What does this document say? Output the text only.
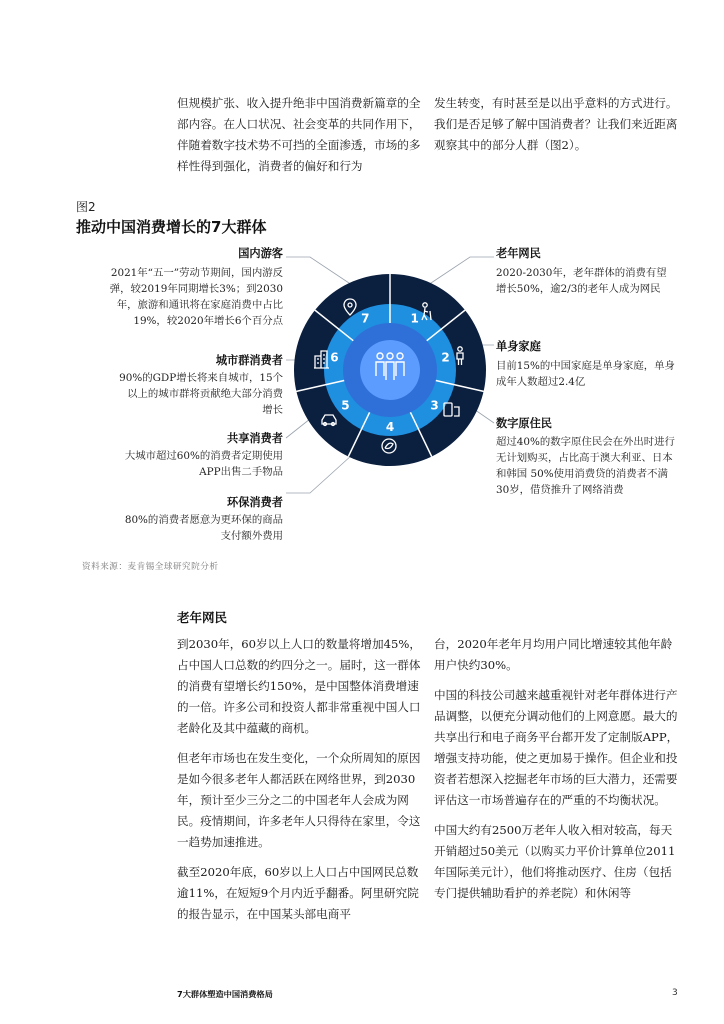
但规模扩张、收入提升绝非中国消费新篇章的全部内容。在人口状况、社会变革的共同作用下，伴随着数字技术势不可挡的全面渗透，市场的多样性得到强化，消费者的偏好和行为
发生转变，有时甚至是以出乎意料的方式进行。我们是否足够了解中国消费者？让我们来近距离观察其中的部分人群（图2）。
图2
推动中国消费增长的7大群体
国内游客
2021年“五一”劳动节期间，国内游反弹，较2019年同期增长3%；到2030年，旅游和通讯将在家庭消费中占比19%，较2020年增长6个百分点
城市群消费者
90%的GDP增长将来自城市，15个以上的城市群将贡献绝大部分消费增长
共享消费者
大城市超过60%的消费者定期使用APP出售二手物品
环保消费者
80%的消费者愿意为更环保的商品支付额外费用
老年网民
2020-2030年，老年群体的消费有望增长50%，逾2/3的老年人成为网民
单身家庭
目前15%的中国家庭是单身家庭，单身成年人数超过2.4亿
数字原住民
超过40%的数字原住民会在外出时进行无计划购买，占比高于澳大利亚、日本和韩国 50%使用消费贷的消费者不满30岁，借贷推升了网络消费
1
2
3
4
5
6
7
资料来源：麦肯锡全球研究院分析
老年网民

到2030年，60岁以上人口的数量将增加45%，占中国人口总数的约四分之一。届时，这一群体的消费有望增长约150%，是中国整体消费增速的一倍。许多公司和投资人都非常重视中国人口老龄化及其中蕴藏的商机。

但老年市场也在发生变化，一个众所周知的原因是如今很多老年人都活跃在网络世界，到2030年，预计至少三分之二的中国老年人会成为网民。疫情期间，许多老年人只得待在家里，令这一趋势加速推进。

截至2020年底，60岁以上人口占中国网民总数逾11%，在短短9个月内近乎翻番。阿里研究院的报告显示，在中国某头部电商平

台，2020年老年月均用户同比增速较其他年龄用户快约30%。

中国的科技公司越来越重视针对老年群体进行产品调整，以便充分调动他们的上网意愿。最大的共享出行和电子商务平台都开发了定制版APP，增强支持功能，使之更加易于操作。但企业和投资者若想深入挖掘老年市场的巨大潜力，还需要评估这一市场普遍存在的严重的不均衡状况。

中国大约有2500万老年人收入相对较高，每天开销超过50美元（以购买力平价计算单位2011年国际美元计），他们将推动医疗、住房（包括专门提供辅助看护的养老院）和休闲等

7大群体塑造中国消费格局	3
